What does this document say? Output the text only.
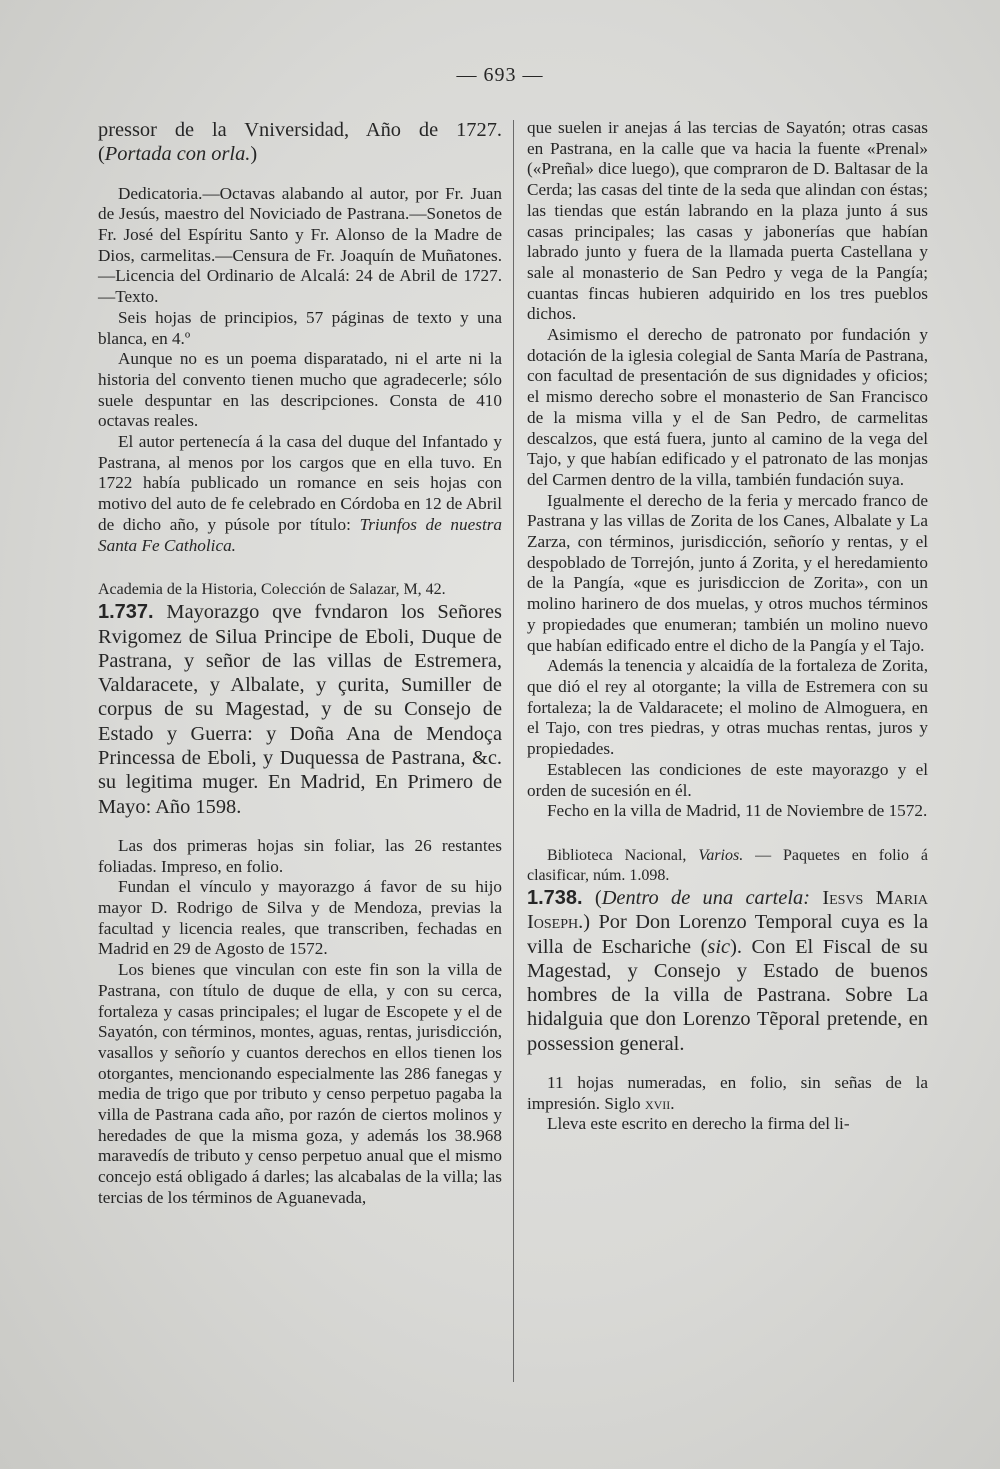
— 693 —

pressor de la Vniversidad, Año de 1727. (Portada con orla.)

Dedicatoria.—Octavas alabando al autor, por Fr. Juan de Jesús, maestro del Noviciado de Pastrana.—Sonetos de Fr. José del Espíritu Santo y Fr. Alonso de la Madre de Dios, carmelitas.—Censura de Fr. Joaquín de Muñatones.—Licencia del Ordinario de Alcalá: 24 de Abril de 1727.—Texto.

Seis hojas de principios, 57 páginas de texto y una blanca, en 4.º

Aunque no es un poema disparatado, ni el arte ni la historia del convento tienen mucho que agradecerle; sólo suele despuntar en las descripciones. Consta de 410 octavas reales.

El autor pertenecía á la casa del duque del Infantado y Pastrana, al menos por los cargos que en ella tuvo. En 1722 había publicado un romance en seis hojas con motivo del auto de fe celebrado en Córdoba en 12 de Abril de dicho año, y púsole por título: Triunfos de nuestra Santa Fe Catholica.

Academia de la Historia, Colección de Salazar, M, 42.

1.737. Mayorazgo qve fvndaron los Señores Rvigomez de Silua Principe de Eboli, Duque de Pastrana, y señor de las villas de Estremera, Valdaracete, y Albalate, y çurita, Sumiller de corpus de su Magestad, y de su Consejo de Estado y Guerra: y Doña Ana de Mendoça Princessa de Eboli, y Duquessa de Pastrana, &c. su legitima muger. En Madrid, En Primero de Mayo: Año 1598.

Las dos primeras hojas sin foliar, las 26 restantes foliadas. Impreso, en folio.

Fundan el vínculo y mayorazgo á favor de su hijo mayor D. Rodrigo de Silva y de Mendoza, previas la facultad y licencia reales, que transcriben, fechadas en Madrid en 29 de Agosto de 1572.

Los bienes que vinculan con este fin son la villa de Pastrana, con título de duque de ella, y con su cerca, fortaleza y casas principales; el lugar de Escopete y el de Sayatón, con términos, montes, aguas, rentas, jurisdicción, vasallos y señorío y cuantos derechos en ellos tienen los otorgantes, mencionando especialmente las 286 fanegas y media de trigo que por tributo y censo perpetuo pagaba la villa de Pastrana cada año, por razón de ciertos molinos y heredades de que la misma goza, y además los 38.968 maravedís de tributo y censo perpetuo anual que el mismo concejo está obligado á darles; las alcabalas de la villa; las tercias de los términos de Aguanevada,

que suelen ir anejas á las tercias de Sayatón; otras casas en Pastrana, en la calle que va hacia la fuente «Prenal» («Preñal» dice luego), que compraron de D. Baltasar de la Cerda; las casas del tinte de la seda que alindan con éstas; las tiendas que están labrando en la plaza junto á sus casas principales; las casas y jabonerías que habían labrado junto y fuera de la llamada puerta Castellana y sale al monasterio de San Pedro y vega de la Pangía; cuantas fincas hubieren adquirido en los tres pueblos dichos.

Asimismo el derecho de patronato por fundación y dotación de la iglesia colegial de Santa María de Pastrana, con facultad de presentación de sus dignidades y oficios; el mismo derecho sobre el monasterio de San Francisco de la misma villa y el de San Pedro, de carmelitas descalzos, que está fuera, junto al camino de la vega del Tajo, y que habían edificado y el patronato de las monjas del Carmen dentro de la villa, también fundación suya.

Igualmente el derecho de la feria y mercado franco de Pastrana y las villas de Zorita de los Canes, Albalate y La Zarza, con términos, jurisdicción, señorío y rentas, y el despoblado de Torrejón, junto á Zorita, y el heredamiento de la Pangía, «que es jurisdiccion de Zorita», con un molino harinero de dos muelas, y otros muchos términos y propiedades que enumeran; también un molino nuevo que habían edificado entre el dicho de la Pangía y el Tajo.

Además la tenencia y alcaidía de la fortaleza de Zorita, que dió el rey al otorgante; la villa de Estremera con su fortaleza; la de Valdaracete; el molino de Almoguera, en el Tajo, con tres piedras, y otras muchas rentas, juros y propiedades.

Establecen las condiciones de este mayorazgo y el orden de sucesión en él.

Fecho en la villa de Madrid, 11 de Noviembre de 1572.

Biblioteca Nacional, Varios. — Paquetes en folio á clasificar, núm. 1.098.

1.738. (Dentro de una cartela: Iesvs Maria Ioseph.) Por Don Lorenzo Temporal cuya es la villa de Eschariche (sic). Con El Fiscal de su Magestad, y Consejo y Estado de buenos hombres de la villa de Pastrana. Sobre La hidalguia que don Lorenzo Tẽporal pretende, en possession general.

11 hojas numeradas, en folio, sin señas de la impresión. Siglo xvii.

Lleva este escrito en derecho la firma del li-
